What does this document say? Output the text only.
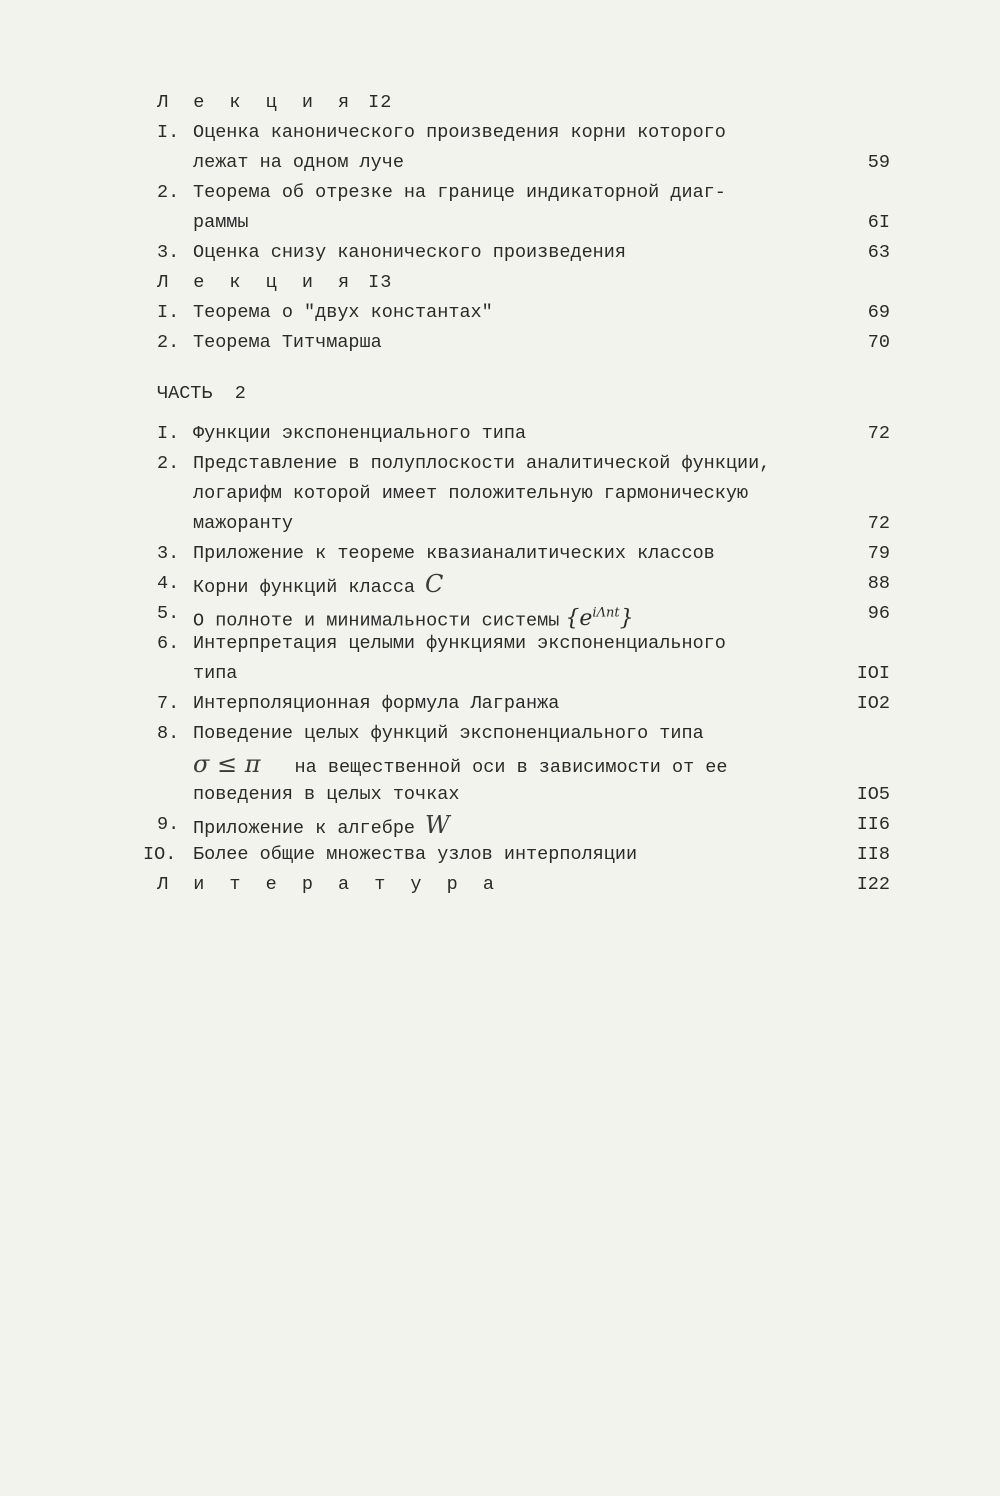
Л е к ц и я I2
I. Оценка канонического произведения корни которого
лежат на одном луче	59
2. Теорема об отрезке на границе индикаторной диаг-
раммы	6I
3. Оценка снизу канонического произведения	63
Л е к ц и я I3
I. Теорема о "двух константах"	69
2. Теорема Титчмарша	70
ЧАСТЬ  2
I. Функции экспоненциального типа	72
2. Представление в полуплоскости аналитической функции,
логарифм которой имеет положительную гармоническую
мажоранту	72
3. Приложение к теореме квазианалитических классов	79
4. Корни функций класса C	88
5. О полноте и минимальности системы $\{e^{i\Lambda nt}\}$	96
6. Интерпретация целыми функциями экспоненциального
типа	IOI
7. Интерполяционная формула Лагранжа	IO2
8. Поведение целых функций экспоненциального типа
σ ≤ π на вещественной оси в зависимости от ее
поведения в целых точках	IO5
9. Приложение к алгебре W	II6
IO. Более общие множества узлов интерполяции	II8
Л и т е р а т у р а	I22
